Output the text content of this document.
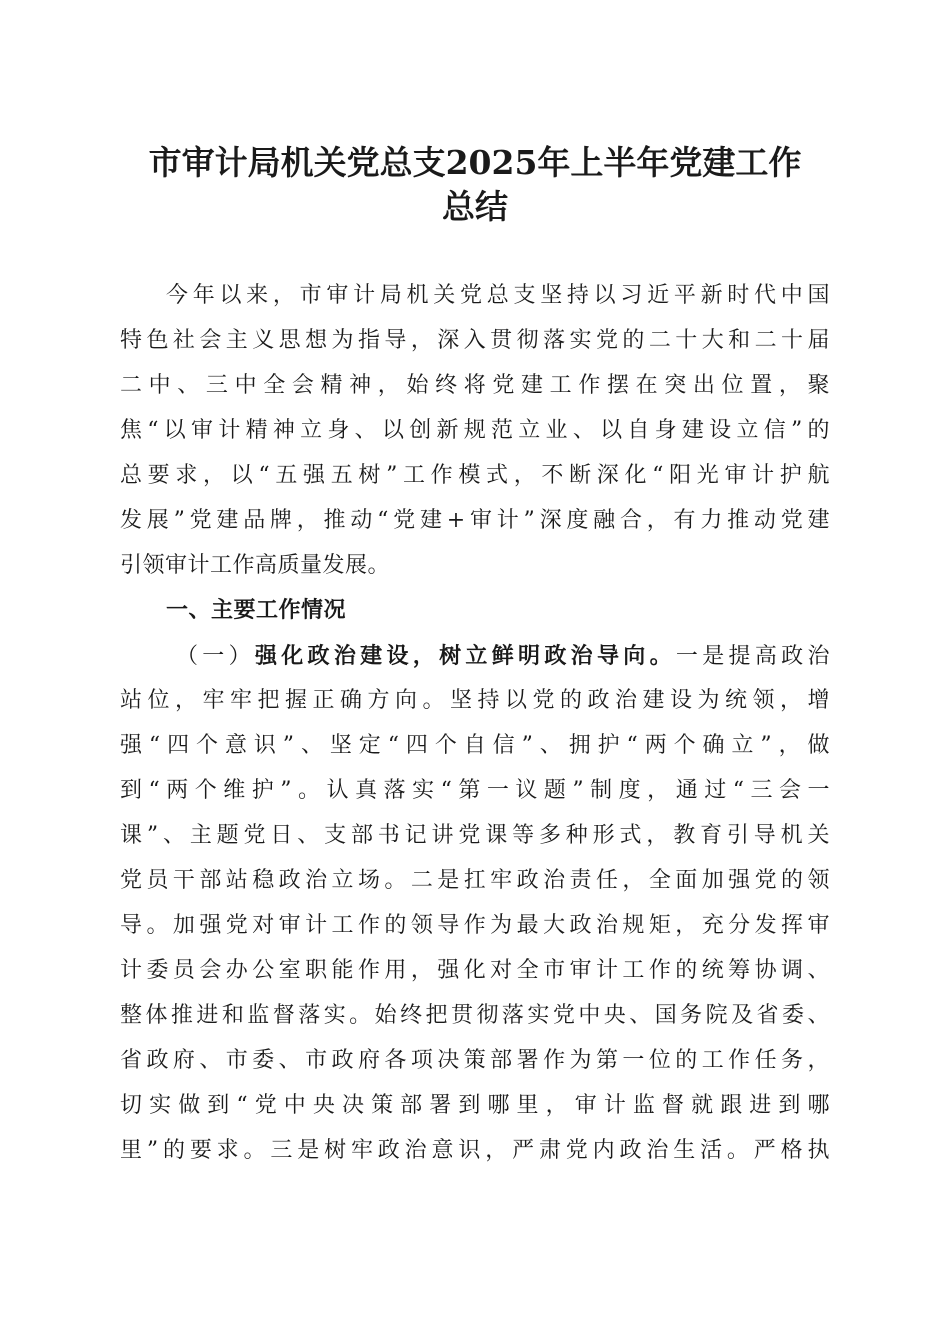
市审计局机关党总支2025年上半年党建工作
总结
今年以来，市审计局机关党总支坚持以习近平新时代中国
特色社会主义思想为指导，深入贯彻落实党的二十大和二十届
二中、三中全会精神，始终将党建工作摆在突出位置，聚
焦“以审计精神立身、以创新规范立业、以自身建设立信”的
总要求，以“五强五树”工作模式，不断深化“阳光审计护航
发展”党建品牌，推动“党建+审计”深度融合，有力推动党建
引领审计工作高质量发展。
一、主要工作情况
（一）强化政治建设，树立鲜明政治导向。一是提高政治
站位，牢牢把握正确方向。坚持以党的政治建设为统领，增
强“四个意识”、坚定“四个自信”、拥护“两个确立”，做
到“两个维护”。认真落实“第一议题”制度，通过“三会一
课”、主题党日、支部书记讲党课等多种形式，教育引导机关
党员干部站稳政治立场。二是扛牢政治责任，全面加强党的领
导。加强党对审计工作的领导作为最大政治规矩，充分发挥审
计委员会办公室职能作用，强化对全市审计工作的统筹协调、
整体推进和监督落实。始终把贯彻落实党中央、国务院及省委、
省政府、市委、市政府各项决策部署作为第一位的工作任务，
切实做到“党中央决策部署到哪里，审计监督就跟进到哪
里”的要求。三是树牢政治意识，严肃党内政治生活。严格执
